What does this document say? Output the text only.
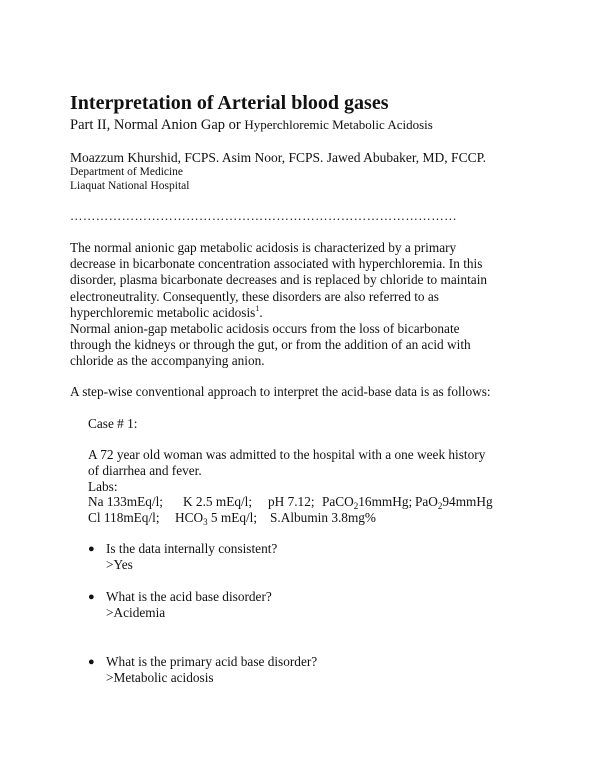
Interpretation of Arterial blood gases
Part II, Normal Anion Gap or Hyperchloremic Metabolic Acidosis
Moazzum Khurshid, FCPS. Asim Noor, FCPS. Jawed Abubaker, MD, FCCP.
Department of Medicine
Liaquat National Hospital
………………………………………………………………………………
The normal anionic gap metabolic acidosis is characterized by a primary
decrease in bicarbonate concentration associated with hyperchloremia. In this
disorder, plasma bicarbonate decreases and is replaced by chloride to maintain
electroneutrality. Consequently, these disorders are also referred to as
hyperchloremic metabolic acidosis$^1$.
Normal anion-gap metabolic acidosis occurs from the loss of bicarbonate
through the kidneys or through the gut, or from the addition of an acid with
chloride as the accompanying anion.
A step-wise conventional approach to interpret the acid-base data is as follows:
Case # 1:
A 72 year old woman was admitted to the hospital with a one week history
of diarrhea and fever.
Labs:
Na 133mEq/l; K 2.5 mEq/l; pH 7.12; PaCO$_2$16mmHg; PaO$_2$94mmHg
Cl 118mEq/l; $HCO_3$ 5 mEq/l; S.Albumin 3.8mg%
● Is the data internally consistent?
>Yes
● What is the acid base disorder?
>Acidemia
● What is the primary acid base disorder?
>Metabolic acidosis
